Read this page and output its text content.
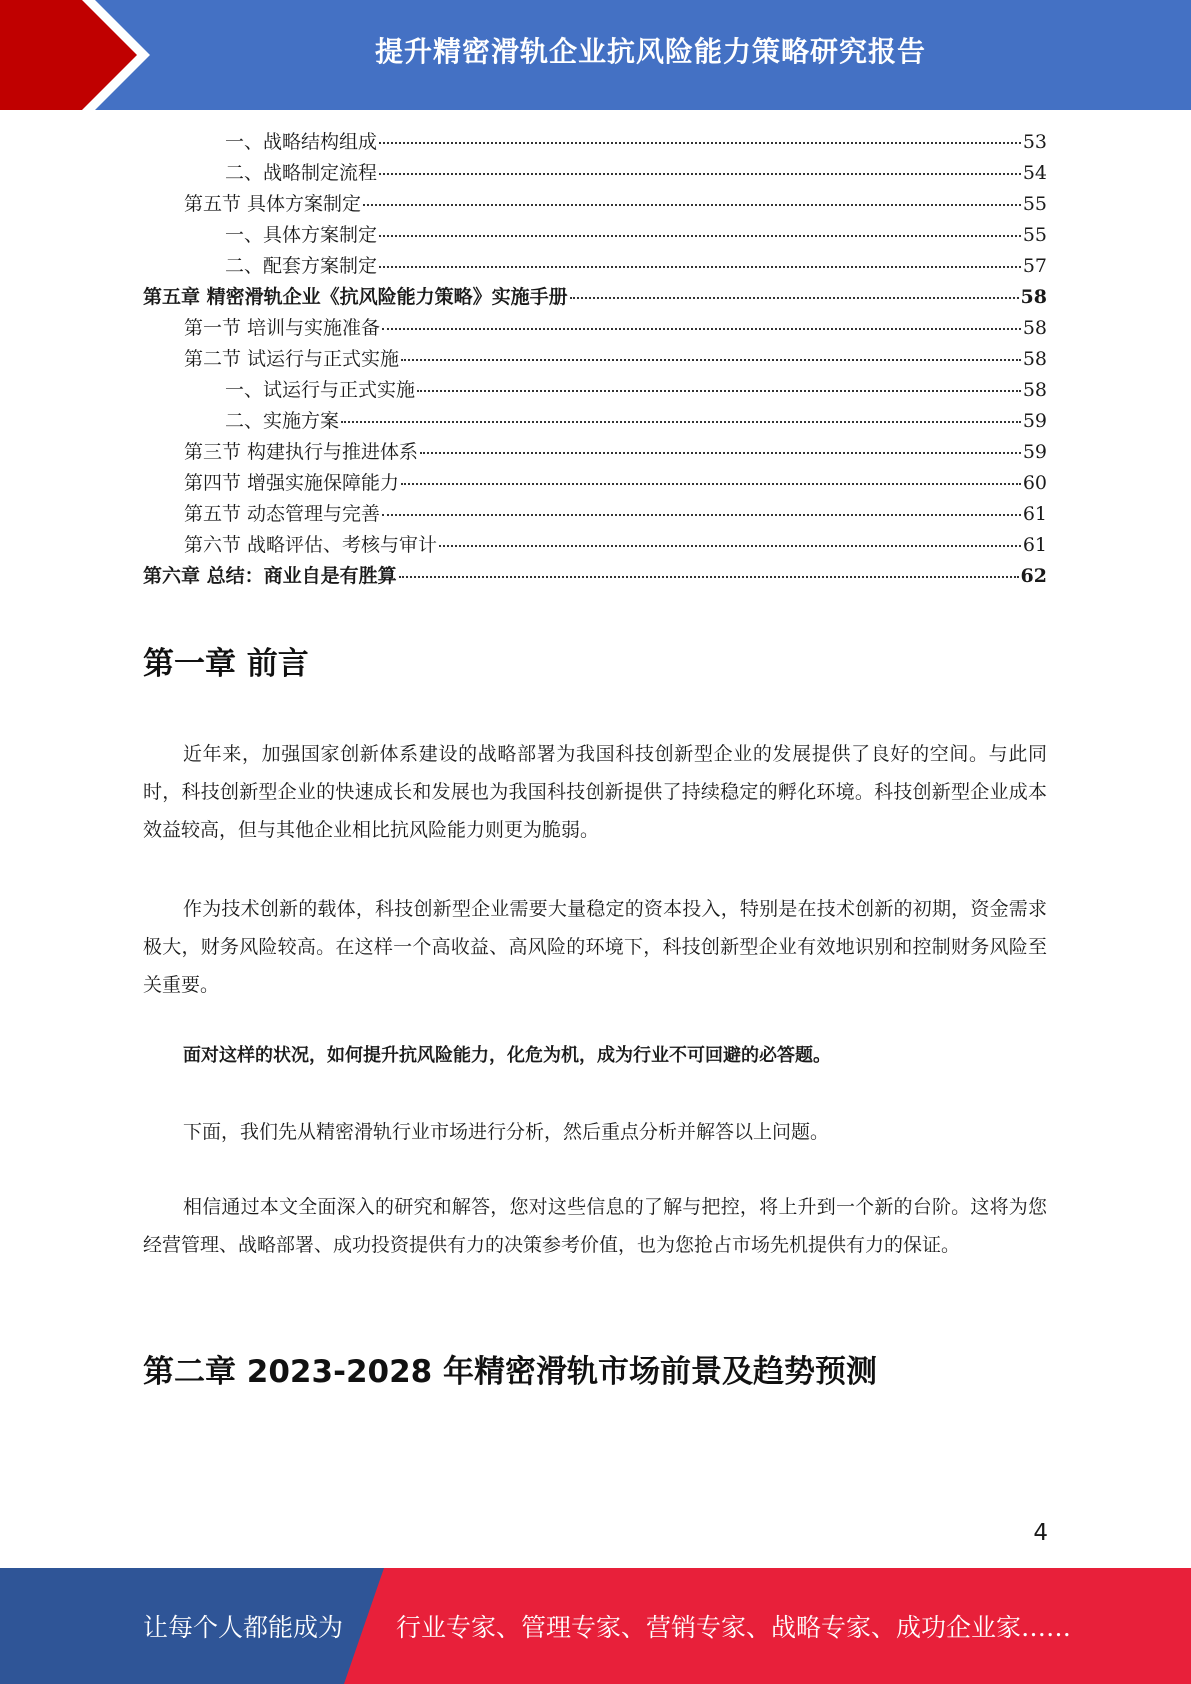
提升精密滑轨企业抗风险能力策略研究报告
一、战略结构组成	53
二、战略制定流程	54
第五节 具体方案制定	55
一、具体方案制定	55
二、配套方案制定	57
第五章 精密滑轨企业《抗风险能力策略》实施手册	58
第一节 培训与实施准备	58
第二节 试运行与正式实施	58
一、试运行与正式实施	58
二、实施方案	59
第三节 构建执行与推进体系	59
第四节 增强实施保障能力	60
第五节 动态管理与完善	61
第六节 战略评估、考核与审计	61
第六章 总结：商业自是有胜算	62
第一章 前言

近年来，加强国家创新体系建设的战略部署为我国科技创新型企业的发展提供了良好的空间。与此同时，科技创新型企业的快速成长和发展也为我国科技创新提供了持续稳定的孵化环境。科技创新型企业成本效益较高，但与其他企业相比抗风险能力则更为脆弱。

作为技术创新的载体，科技创新型企业需要大量稳定的资本投入，特别是在技术创新的初期，资金需求极大，财务风险较高。在这样一个高收益、高风险的环境下，科技创新型企业有效地识别和控制财务风险至关重要。

面对这样的状况，如何提升抗风险能力，化危为机，成为行业不可回避的必答题。

下面，我们先从精密滑轨行业市场进行分析，然后重点分析并解答以上问题。

相信通过本文全面深入的研究和解答，您对这些信息的了解与把控，将上升到一个新的台阶。这将为您经营管理、战略部署、成功投资提供有力的决策参考价值，也为您抢占市场先机提供有力的保证。

第二章 2023-2028 年精密滑轨市场前景及趋势预测
4
让每个人都能成为 行业专家、管理专家、营销专家、战略专家、成功企业家……
